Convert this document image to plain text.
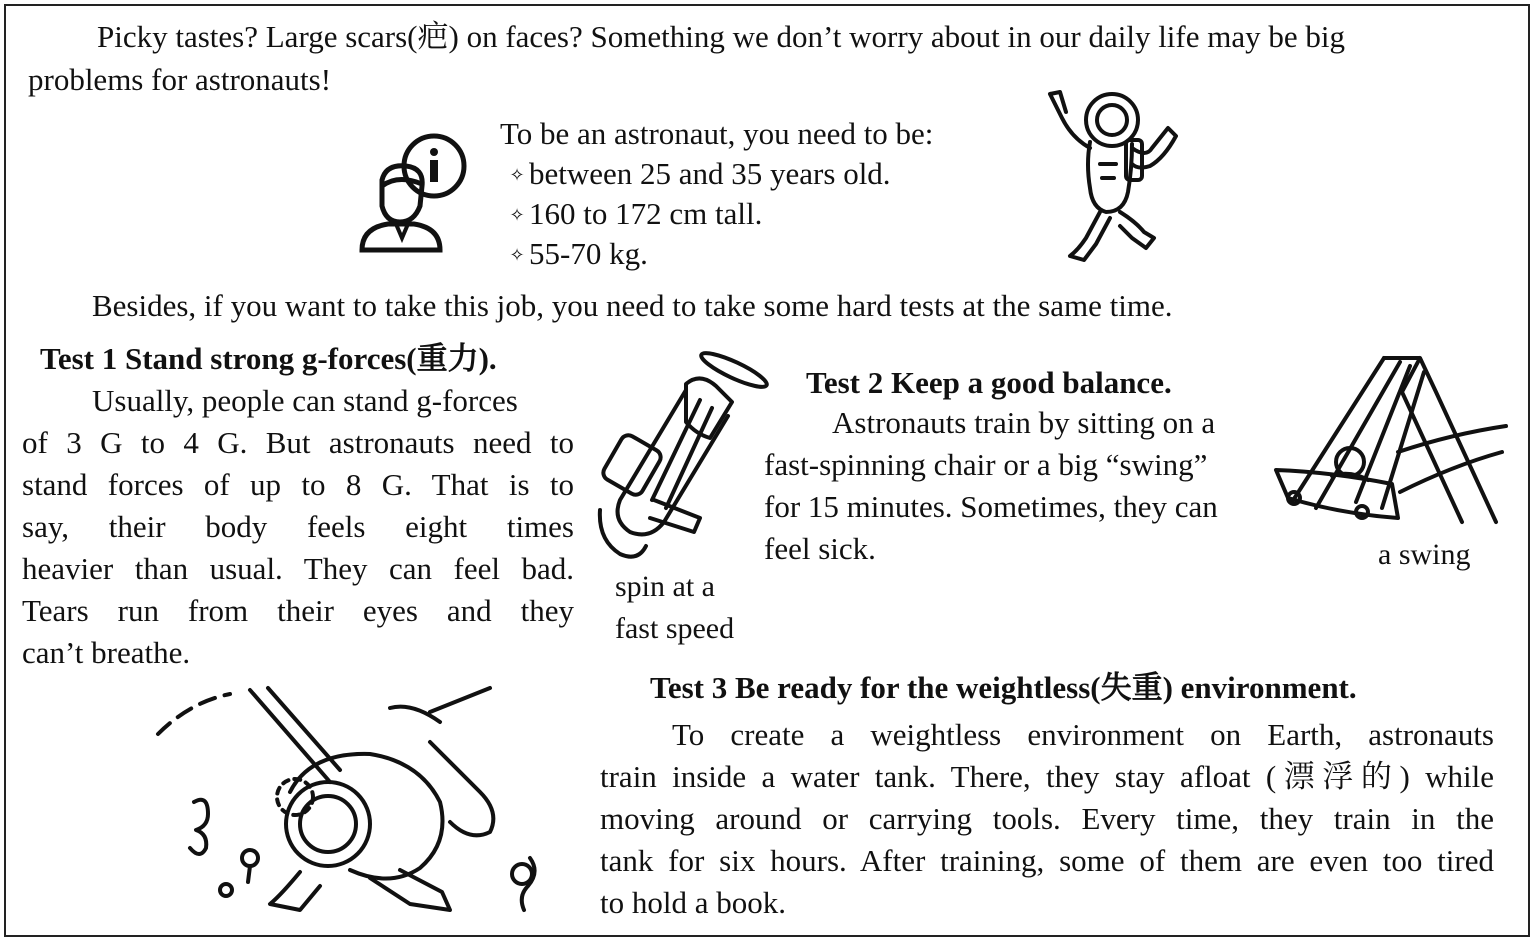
Picky tastes? Large scars(疤) on faces? Something we don’t worry about in our daily life may be big
problems for astronauts!
To be an astronaut, you need to be:
✧ between 25 and 35 years old.
✧ 160 to 172 cm tall.
✧ 55-70 kg.
Besides, if you want to take this job, you need to take some hard tests at the same time.
Test 1 Stand strong g-forces(重力).
Usually, people can stand g-forces
of 3 G to 4 G. But astronauts need to
stand forces of up to 8 G. That is to
say, their body feels eight times
heavier than usual. They can feel bad.
Tears run from their eyes and they
can’t breathe.
spin at a
fast speed
Test 2 Keep a good balance.
Astronauts train by sitting on a
fast-spinning chair or a big “swing”
for 15 minutes. Sometimes, they can
feel sick.	a swing
Test 3 Be ready for the weightless(失重) environment.
To create a weightless environment on Earth, astronauts
train inside a water tank. There, they stay afloat (漂浮的) while
moving around or carrying tools. Every time, they train in the
tank for six hours. After training, some of them are even too tired
to hold a book.
